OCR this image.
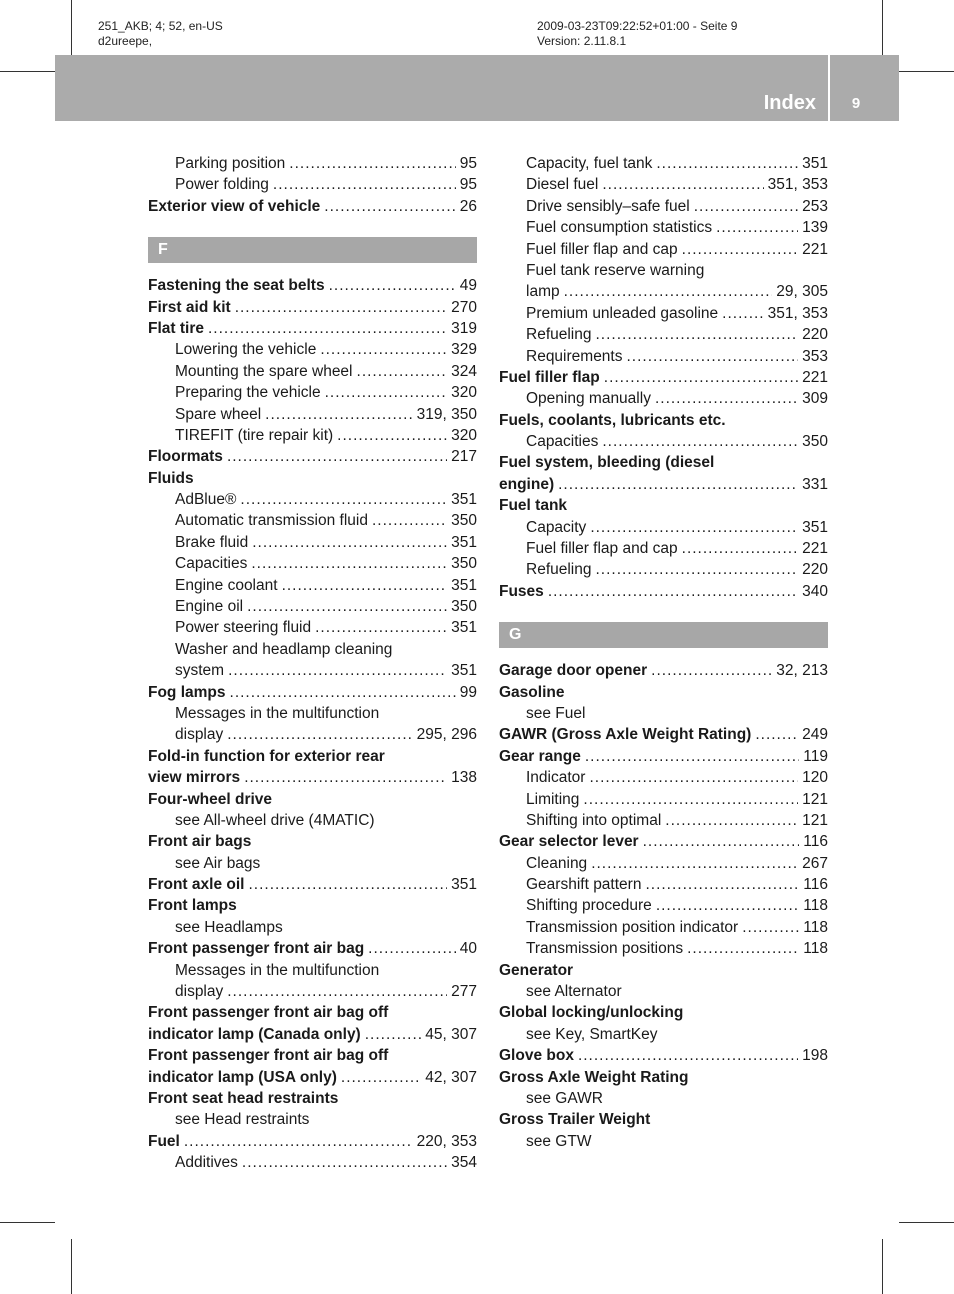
251_AKB; 4; 52, en-US
d2ureepe,
2009-03-23T09:22:52+01:00 - Seite 9
Version: 2.11.8.1
Index	9
Parking position .....	95
Power folding .....	95
Exterior view of vehicle .....	26
F
Fastening the seat belts .....	49
First aid kit .....	270
Flat tire .....	319
Lowering the vehicle .....	329
Mounting the spare wheel .....	324
Preparing the vehicle .....	320
Spare wheel .....	319, 350
TIREFIT (tire repair kit) .....	320
Floormats .....	217
Fluids
AdBlue® .....	351
Automatic transmission fluid .....	350
Brake fluid .....	351
Capacities .....	350
Engine coolant .....	351
Engine oil .....	350
Power steering fluid .....	351
Washer and headlamp cleaning
system .....	351
Fog lamps .....	99
Messages in the multifunction
display .....	295, 296
Fold-in function for exterior rear
view mirrors .....	138
Four-wheel drive
see All-wheel drive (4MATIC)
Front air bags
see Air bags
Front axle oil .....	351
Front lamps
see Headlamps
Front passenger front air bag .....	40
Messages in the multifunction
display .....	277
Front passenger front air bag off
indicator lamp (Canada only) .....	45, 307
Front passenger front air bag off
indicator lamp (USA only) .....	42, 307
Front seat head restraints
see Head restraints
Fuel .....	220, 353
Additives .....	354
Capacity, fuel tank .....	351
Diesel fuel .....	351, 353
Drive sensibly–safe fuel .....	253
Fuel consumption statistics .....	139
Fuel filler flap and cap .....	221
Fuel tank reserve warning
lamp .....	29, 305
Premium unleaded gasoline .....	351, 353
Refueling .....	220
Requirements .....	353
Fuel filler flap .....	221
Opening manually .....	309
Fuels, coolants, lubricants etc.
Capacities .....	350
Fuel system, bleeding (diesel
engine) .....	331
Fuel tank
Capacity .....	351
Fuel filler flap and cap .....	221
Refueling .....	220
Fuses .....	340
G
Garage door opener .....	32, 213
Gasoline
see Fuel
GAWR (Gross Axle Weight Rating) .....	249
Gear range .....	119
Indicator .....	120
Limiting .....	121
Shifting into optimal .....	121
Gear selector lever .....	116
Cleaning .....	267
Gearshift pattern .....	116
Shifting procedure .....	118
Transmission position indicator .....	118
Transmission positions .....	118
Generator
see Alternator
Global locking/unlocking
see Key, SmartKey
Glove box .....	198
Gross Axle Weight Rating
see GAWR
Gross Trailer Weight
see GTW
